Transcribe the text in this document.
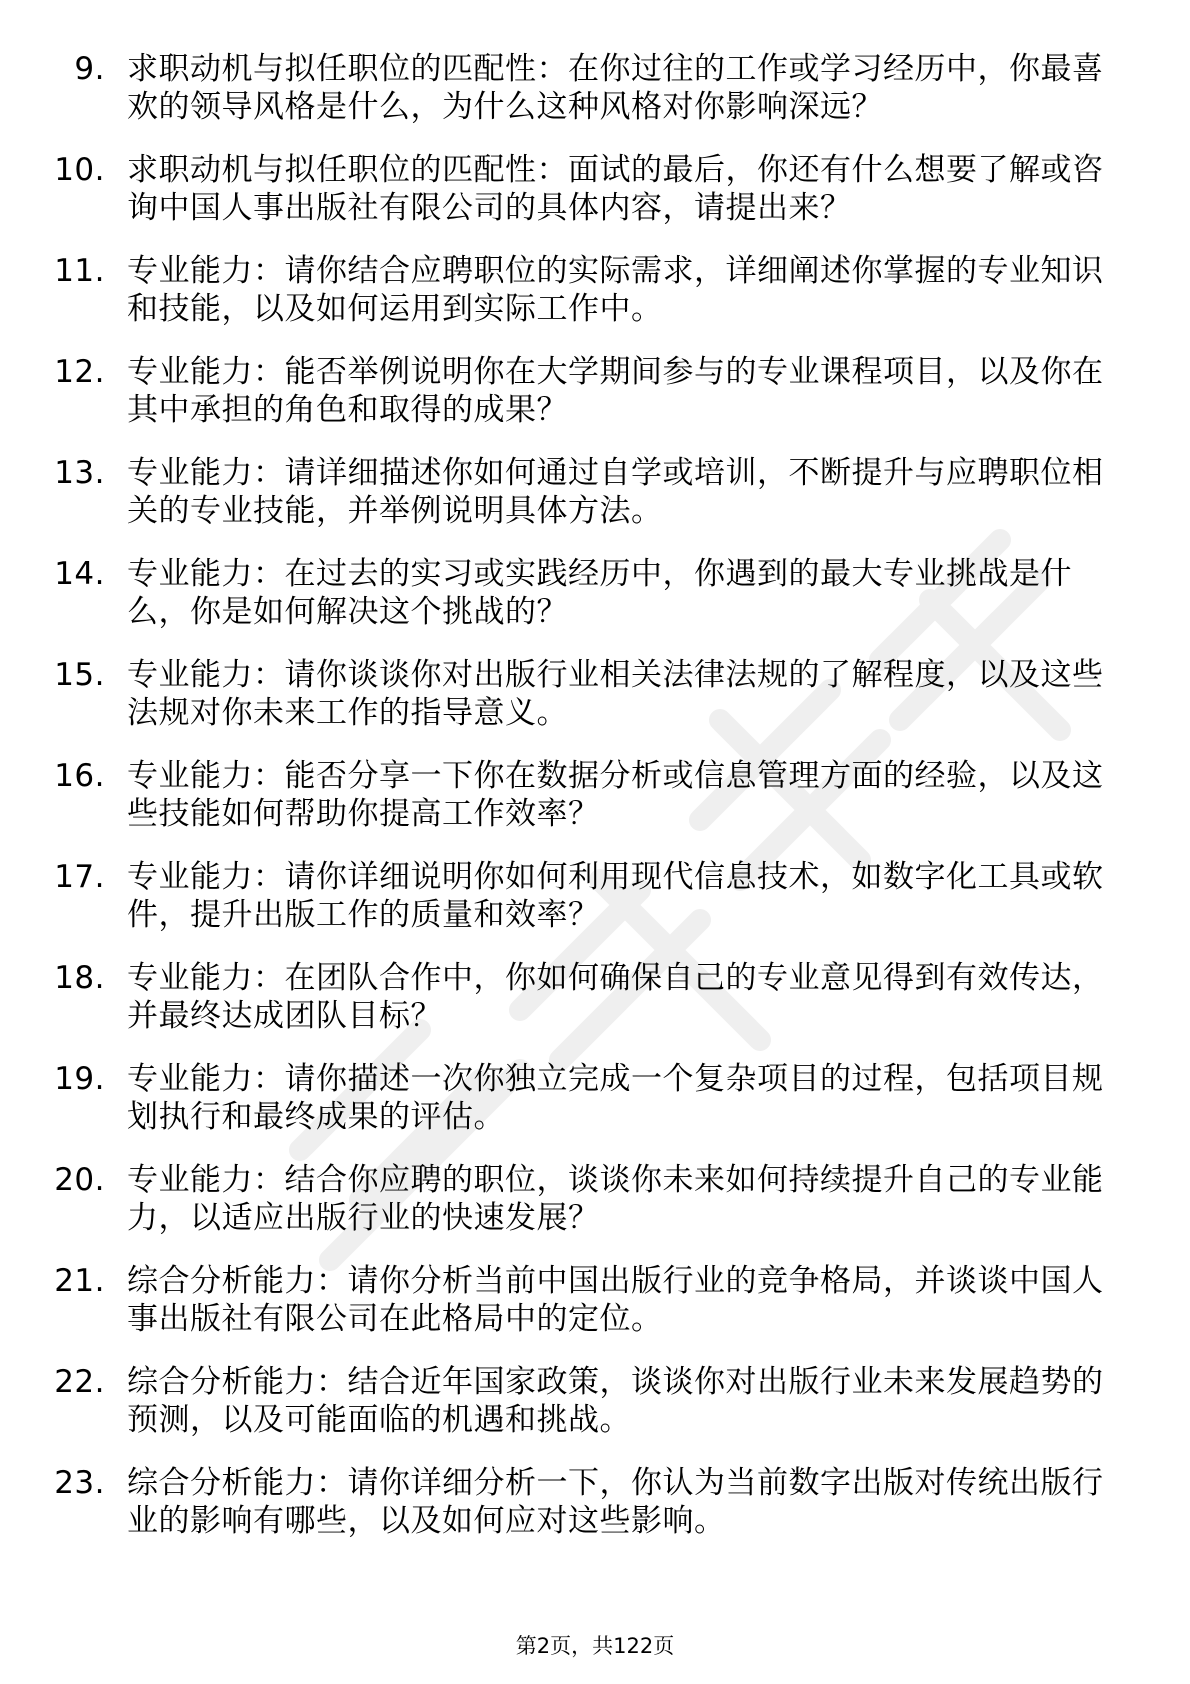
9. 求职动机与拟任职位的匹配性：在你过往的工作或学习经历中，你最喜欢的领导风格是什么，为什么这种风格对你影响深远？
10. 求职动机与拟任职位的匹配性：面试的最后，你还有什么想要了解或咨询中国人事出版社有限公司的具体内容，请提出来？
11. 专业能力：请你结合应聘职位的实际需求，详细阐述你掌握的专业知识和技能，以及如何运用到实际工作中。
12. 专业能力：能否举例说明你在大学期间参与的专业课程项目，以及你在其中承担的角色和取得的成果？
13. 专业能力：请详细描述你如何通过自学或培训，不断提升与应聘职位相关的专业技能，并举例说明具体方法。
14. 专业能力：在过去的实习或实践经历中，你遇到的最大专业挑战是什么，你是如何解决这个挑战的？
15. 专业能力：请你谈谈你对出版行业相关法律法规的了解程度，以及这些法规对你未来工作的指导意义。
16. 专业能力：能否分享一下你在数据分析或信息管理方面的经验，以及这些技能如何帮助你提高工作效率？
17. 专业能力：请你详细说明你如何利用现代信息技术，如数字化工具或软件，提升出版工作的质量和效率？
18. 专业能力：在团队合作中，你如何确保自己的专业意见得到有效传达，并最终达成团队目标？
19. 专业能力：请你描述一次你独立完成一个复杂项目的过程，包括项目规划执行和最终成果的评估。
20. 专业能力：结合你应聘的职位，谈谈你未来如何持续提升自己的专业能力，以适应出版行业的快速发展？
21. 综合分析能力：请你分析当前中国出版行业的竞争格局，并谈谈中国人事出版社有限公司在此格局中的定位。
22. 综合分析能力：结合近年国家政策，谈谈你对出版行业未来发展趋势的预测，以及可能面临的机遇和挑战。
23. 综合分析能力：请你详细分析一下，你认为当前数字出版对传统出版行业的影响有哪些，以及如何应对这些影响。
第2页，共122页
